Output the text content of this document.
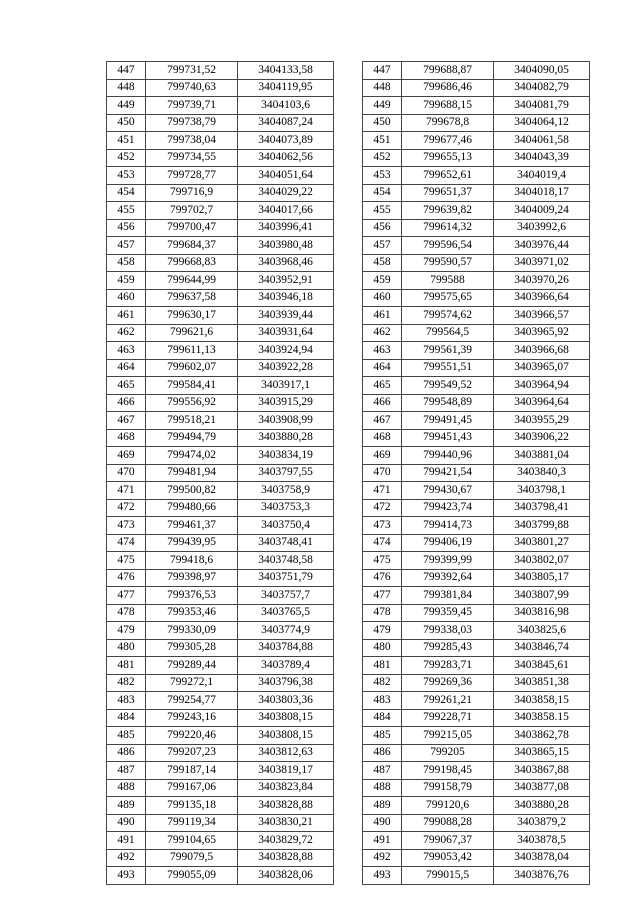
447	799731,52	3404133,58
448	799740,63	3404119,95
449	799739,71	3404103,6
450	799738,79	3404087,24
451	799738,04	3404073,89
452	799734,55	3404062,56
453	799728,77	3404051,64
454	799716,9	3404029,22
455	799702,7	3404017,66
456	799700,47	3403996,41
457	799684,37	3403980,48
458	799668,83	3403968,46
459	799644,99	3403952,91
460	799637,58	3403946,18
461	799630,17	3403939,44
462	799621,6	3403931,64
463	799611,13	3403924,94
464	799602,07	3403922,28
465	799584,41	3403917,1
466	799556,92	3403915,29
467	799518,21	3403908,99
468	799494,79	3403880,28
469	799474,02	3403834,19
470	799481,94	3403797,55
471	799500,82	3403758,9
472	799480,66	3403753,3
473	799461,37	3403750,4
474	799439,95	3403748,41
475	799418,6	3403748,58
476	799398,97	3403751,79
477	799376,53	3403757,7
478	799353,46	3403765,5
479	799330,09	3403774,9
480	799305,28	3403784,88
481	799289,44	3403789,4
482	799272,1	3403796,38
483	799254,77	3403803,36
484	799243,16	3403808,15
485	799220,46	3403808,15
486	799207,23	3403812,63
487	799187,14	3403819,17
488	799167,06	3403823,84
489	799135,18	3403828,88
490	799119,34	3403830,21
491	799104,65	3403829,72
492	799079,5	3403828,88
493	799055,09	3403828,06
447	799688,87	3404090,05
448	799686,46	3404082,79
449	799688,15	3404081,79
450	799678,8	3404064,12
451	799677,46	3404061,58
452	799655,13	3404043,39
453	799652,61	3404019,4
454	799651,37	3404018,17
455	799639,82	3404009,24
456	799614,32	3403992,6
457	799596,54	3403976,44
458	799590,57	3403971,02
459	799588	3403970,26
460	799575,65	3403966,64
461	799574,62	3403966,57
462	799564,5	3403965,92
463	799561,39	3403966,68
464	799551,51	3403965,07
465	799549,52	3403964,94
466	799548,89	3403964,64
467	799491,45	3403955,29
468	799451,43	3403906,22
469	799440,96	3403881,04
470	799421,54	3403840,3
471	799430,67	3403798,1
472	799423,74	3403798,41
473	799414,73	3403799,88
474	799406,19	3403801,27
475	799399,99	3403802,07
476	799392,64	3403805,17
477	799381,84	3403807,99
478	799359,45	3403816,98
479	799338,03	3403825,6
480	799285,43	3403846,74
481	799283,71	3403845,61
482	799269,36	3403851,38
483	799261,21	3403858,15
484	799228,71	3403858.15
485	799215,05	3403862,78
486	799205	3403865,15
487	799198,45	3403867,88
488	799158,79	3403877,08
489	799120,6	3403880,28
490	799088,28	3403879,2
491	799067,37	3403878,5
492	799053,42	3403878,04
493	799015,5	3403876,76
